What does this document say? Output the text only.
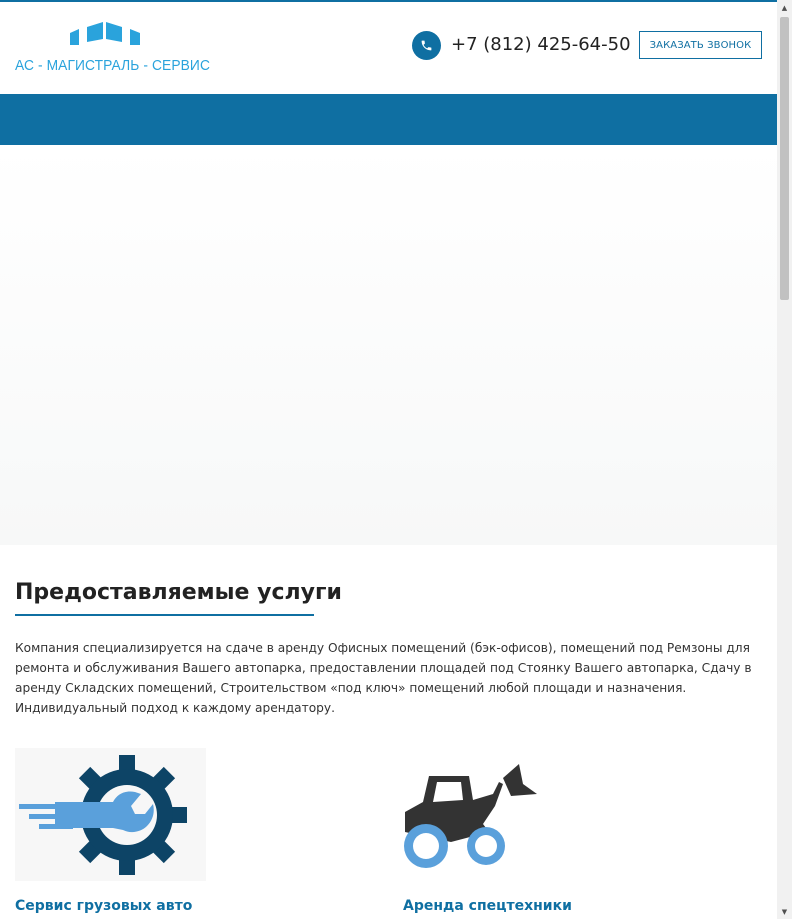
АС - МАГИСТРАЛЬ - СЕРВИС
+7 (812) 425-64-50	ЗАКАЗАТЬ ЗВОНОК
Предоставляемые услуги

Компания специализируется на сдаче в аренду Офисных помещений (бэк-офисов), помещений под Ремзоны для ремонта и обслуживания Вашего автопарка, предоставлении площадей под Стоянку Вашего автопарка, Сдачу в аренду Складских помещений, Строительством «под ключ» помещений любой площади и назначения. Индивидуальный подход к каждому арендатору.

Сервис грузовых авто	Аренда спецтехники
▲
▼
